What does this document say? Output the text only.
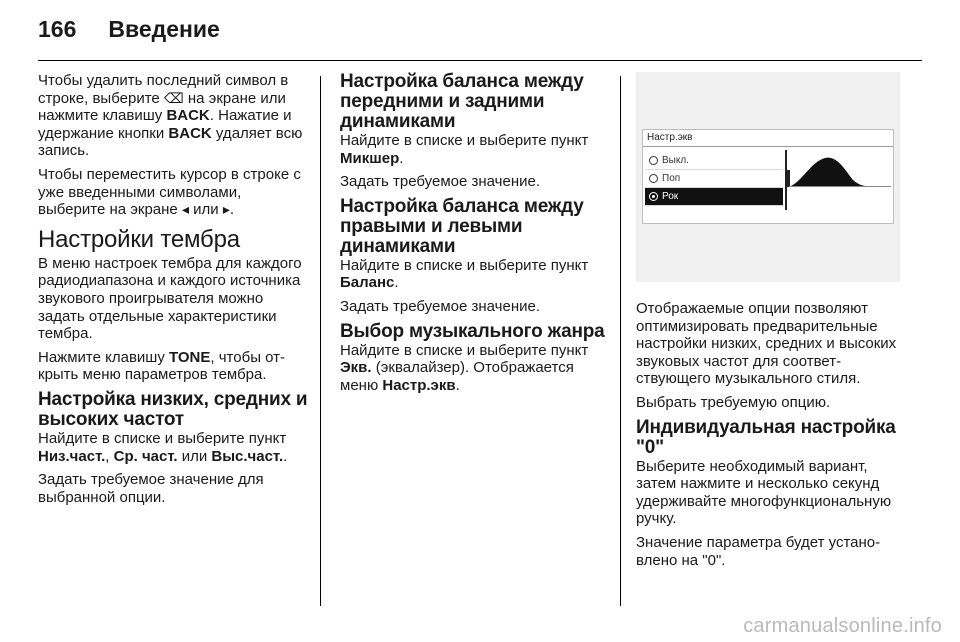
166 Введение

Чтобы удалить последний символ в строке, выберите ⌫ на экране или нажмите клавишу BACK. Нажатие и удержание кнопки BACK удаляет всю запись.

Чтобы переместить курсор в строке с уже введенными символами, выберите на экране ◂ или ▸.

Настройки тембра

В меню настроек тембра для каждого радиодиапазона и каждого источника звукового проигрывателя можно задать отдельные характеристики тембра.

Нажмите клавишу TONE, чтобы открыть меню параметров тембра.

Настройка низких, средних и высоких частот

Найдите в списке и выберите пункт Низ.част., Ср. част. или Выс.част..

Задать требуемое значение для выбранной опции.

Настройка баланса между передними и задними динамиками

Найдите в списке и выберите пункт Микшер.

Задать требуемое значение.

Настройка баланса между правыми и левыми динамиками

Найдите в списке и выберите пункт Баланс.

Задать требуемое значение.

Выбор музыкального жанра

Найдите в списке и выберите пункт Экв. (эквалайзер). Отображается меню Настр.экв.

Настр.экв
Выкл.
Поп
Рок

Отображаемые опции позволяют оптимизировать предварительные настройки низких, средних и высоких звуковых частот для соответствующего музыкального стиля.

Выбрать требуемую опцию.

Индивидуальная настройка "0"

Выберите необходимый вариант, затем нажмите и несколько секунд удерживайте многофункциональную ручку.

Значение параметра будет установлено на "0".

carmanualsonline.info
